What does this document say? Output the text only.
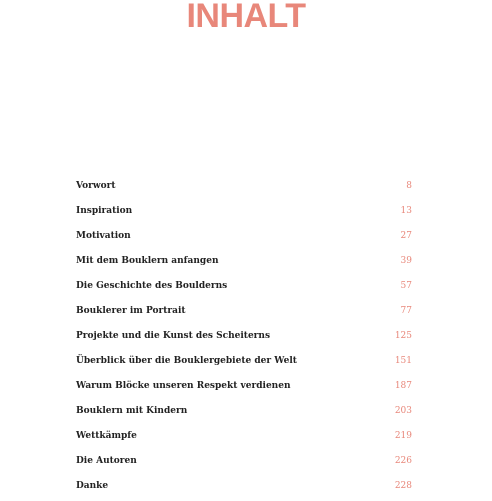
INHALT
Vorwort	8
Inspiration	13
Motivation	27
Mit dem Bouklern anfangen	39
Die Geschichte des Boulderns	57
Bouklerer im Portrait	77
Projekte und die Kunst des Scheiterns	125
Überblick über die Bouklergebiete der Welt	151
Warum Blöcke unseren Respekt verdienen	187
Bouklern mit Kindern	203
Wettkämpfe	219
Die Autoren	226
Danke	228
